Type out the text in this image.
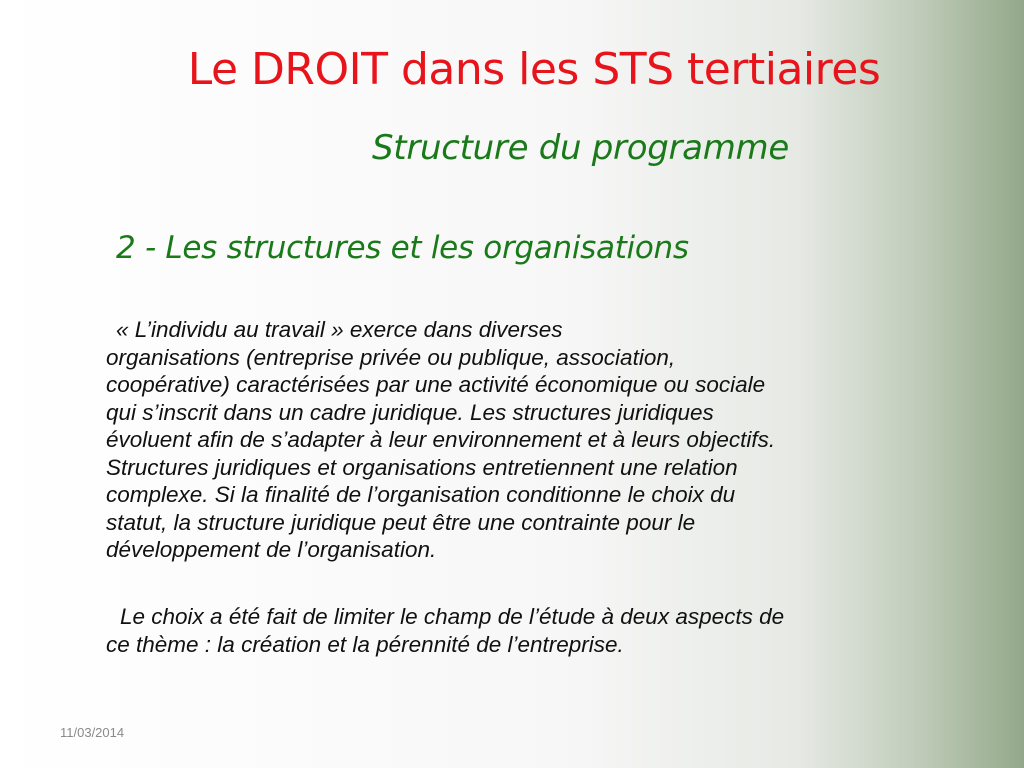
Le DROIT dans les STS tertiaires
Structure du programme
2 - Les structures et les organisations
« L’individu au travail » exerce dans diverses
organisations (entreprise privée ou publique, association,
coopérative) caractérisées par une activité économique ou sociale
qui s’inscrit dans un cadre juridique. Les structures juridiques
évoluent afin de s’adapter à leur environnement et à leurs objectifs.
Structures juridiques et organisations entretiennent une relation
complexe. Si la finalité de l’organisation conditionne le choix du
statut, la structure juridique peut être une contrainte pour le
développement de l’organisation.
Le choix a été fait de limiter le champ de l’étude à deux aspects de
ce thème : la création et la pérennité de l’entreprise.
11/03/2014
